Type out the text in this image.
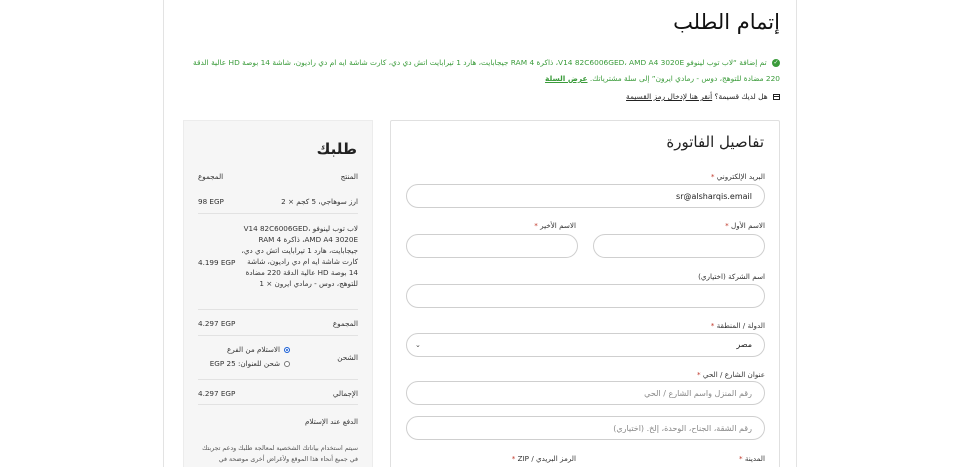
إتمام الطلب
✓ تم إضافة “لاب توب لينوفو V14 82C6006GED، AMD A4 3020E، ذاكرة 4 RAM جيجابايت، هارد 1 تيرابايت اتش دي دي، كارت شاشة ايه ام دي راديون، شاشة 14 بوصة HD عالية الدقة 220 مضادة للتوهج، دوس - رمادي ايرون” إلى سلة مشترياتك. عرض السلة
هل لديك قسيمة؟ أنقر هنا لإدخال رمز القسيمة
تفاصيل الفاتورة
البريد الإلكتروني *
sr@alsharqis.email
الاسم الأول *
الاسم الأخير *
اسم الشركة (اختياري)
الدولة / المنطقة *
مصر
⌄
عنوان الشارع / الحي *
رقم المنزل واسم الشارع / الحي
رقم الشقة، الجناح، الوحدة، إلخ. (اختياري)
المدينة *
الرمز البريدي / ZIP *
طلبك
المنتج
المجموع
ارز سوهاجي، 5 كجم × 2
98 EGP
لاب توب لينوفو V14 82C6006GED، AMD A4 3020E، ذاكرة 4 RAM جيجابايت، هارد 1 تيرابايت اتش دي دي، كارت شاشة ايه ام دي راديون، شاشة 14 بوصة HD عالية الدقة 220 مضادة للتوهج، دوس - رمادي ايرون × 1
4.199 EGP
المجموع
4.297 EGP
الشحن
الاستلام من الفرع
شحن للعنوان: 25 EGP
الإجمالي
4.297 EGP
الدفع عند الإستلام
سيتم استخدام بياناتك الشخصية لمعالجة طلبك ودعم تجربتك في جميع أنحاء هذا الموقع ولأغراض أخرى موضحة في
